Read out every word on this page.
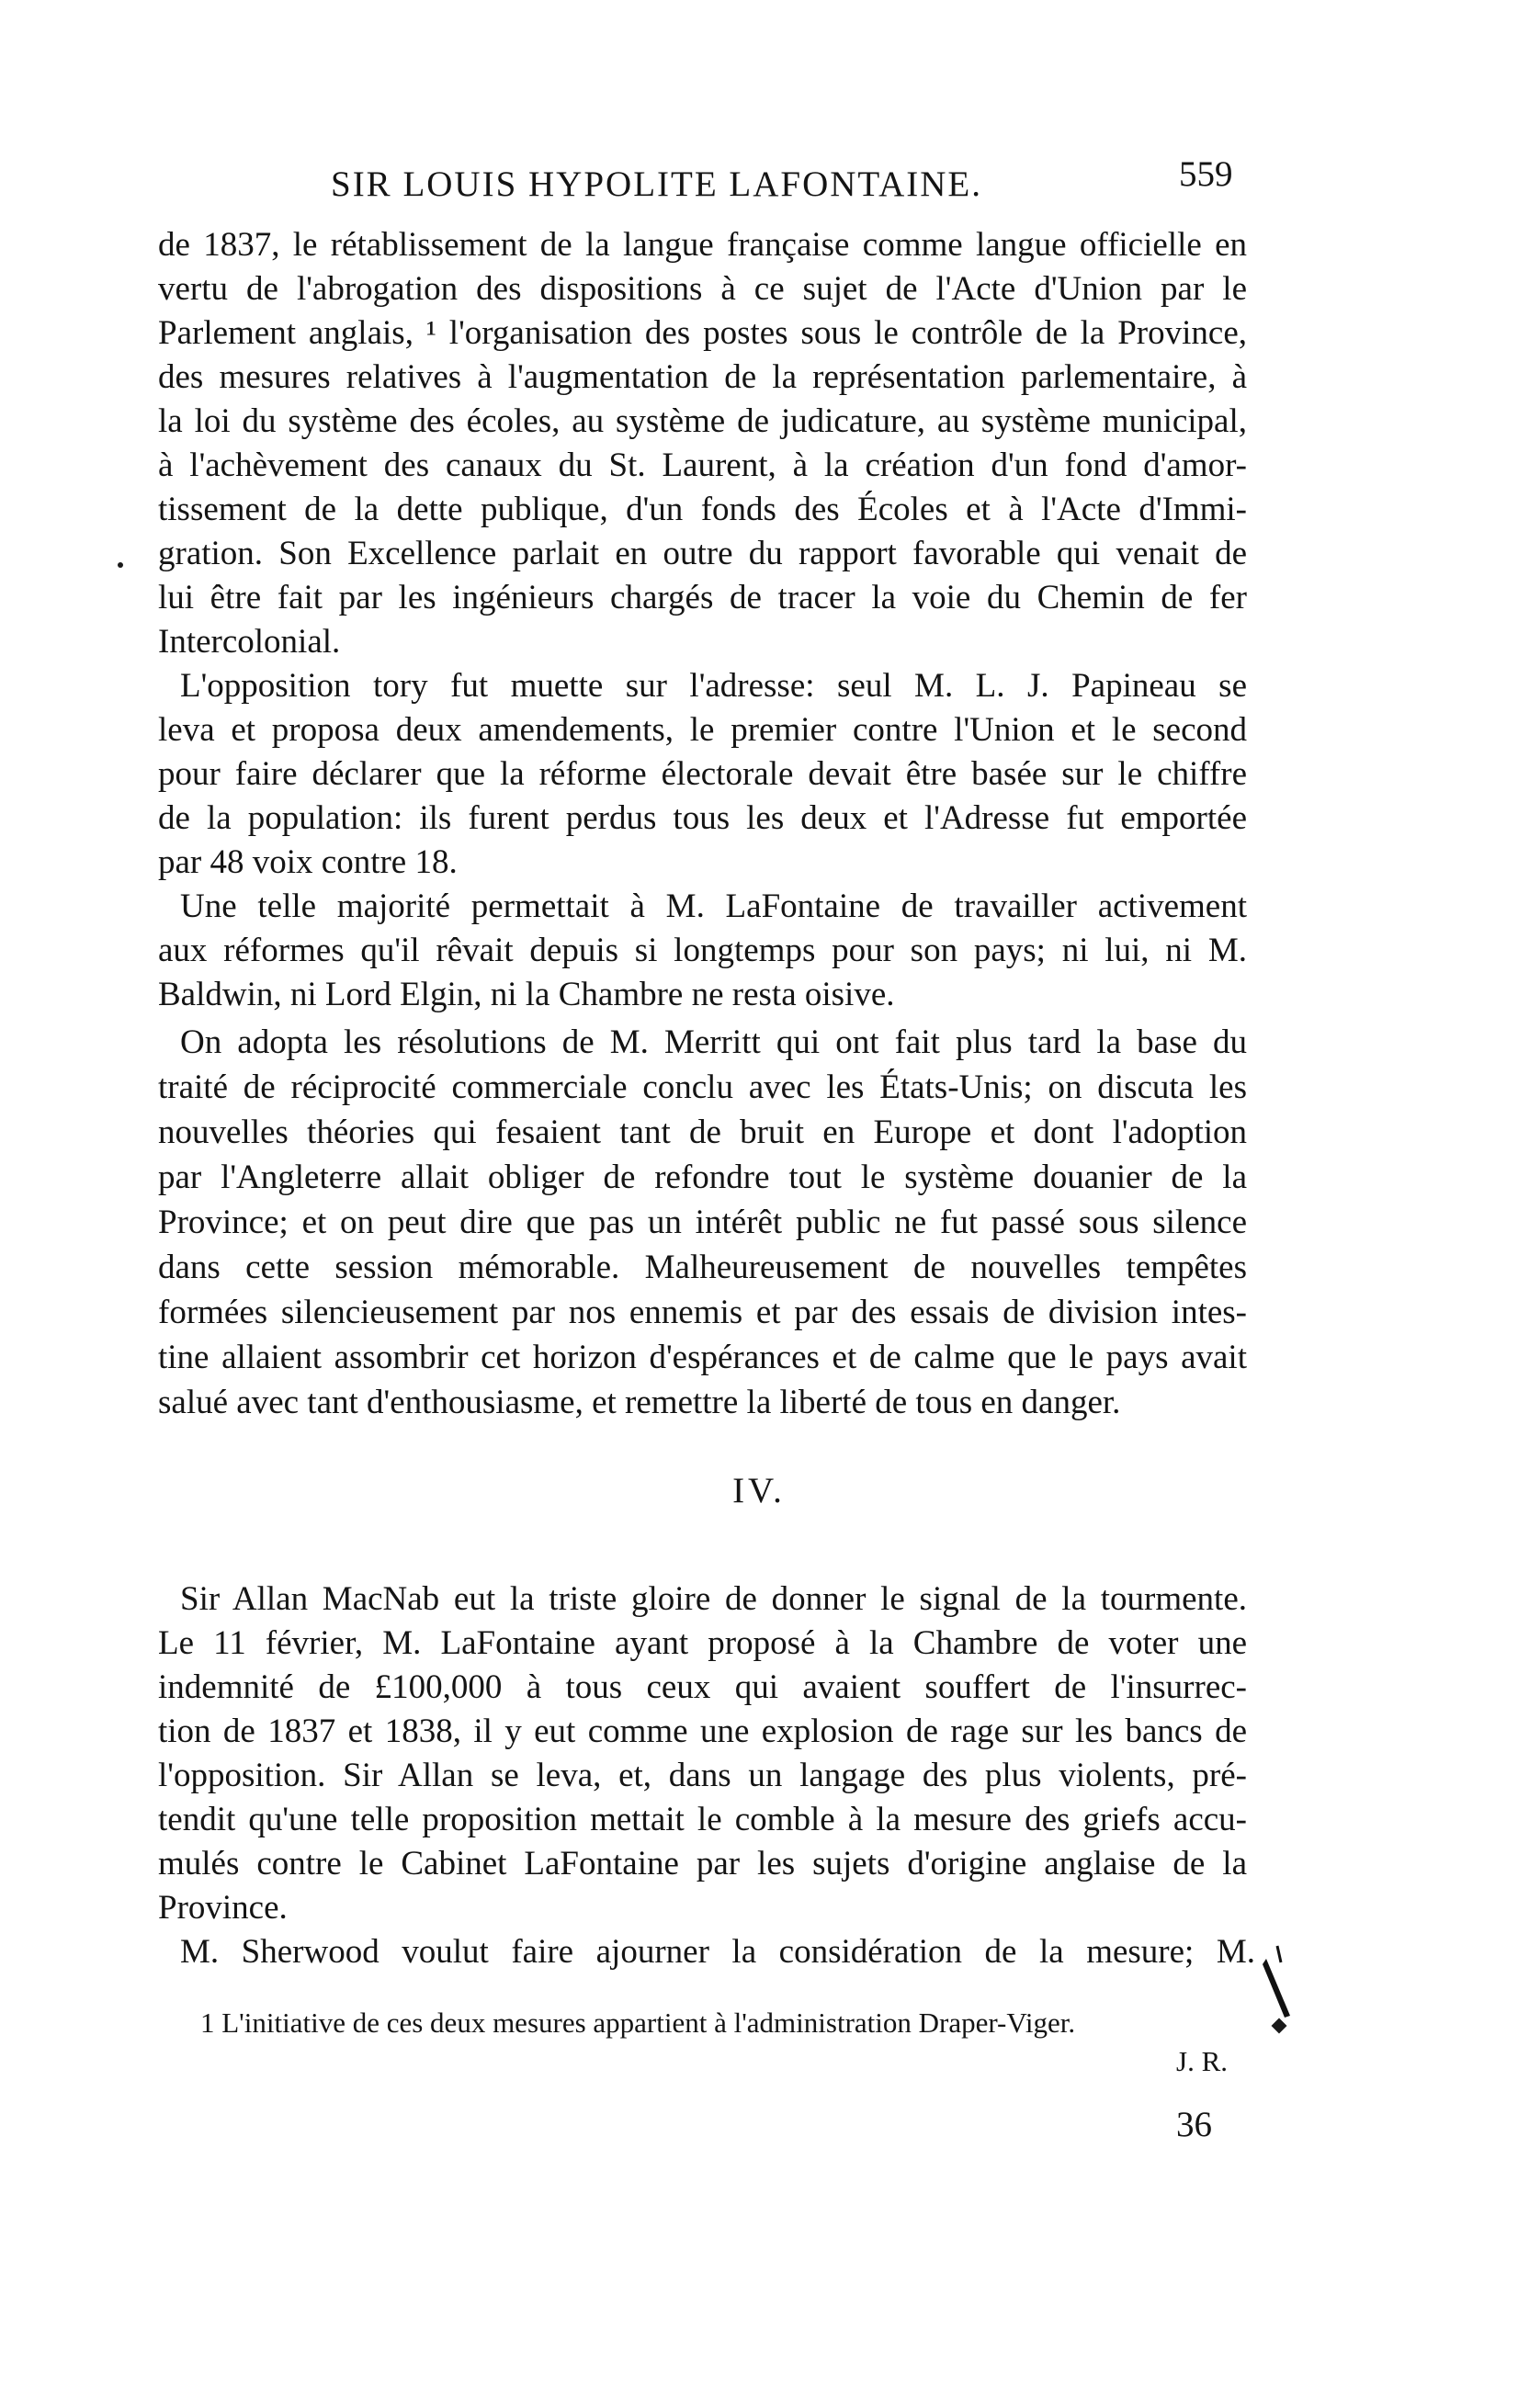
SIR LOUIS HYPOLITE LAFONTAINE.	559
de 1837, le rétablissement de la langue française comme langue officielle en
vertu de l'abrogation des dispositions à ce sujet de l'Acte d'Union par le
Parlement anglais, ¹ l'organisation des postes sous le contrôle de la Province,
des mesures relatives à l'augmentation de la représentation parlementaire, à
la loi du système des écoles, au système de judicature, au système municipal,
à l'achèvement des canaux du St. Laurent, à la création d'un fond d'amor-
tissement de la dette publique, d'un fonds des Écoles et à l'Acte d'Immi-
gration. Son Excellence parlait en outre du rapport favorable qui venait de
lui être fait par les ingénieurs chargés de tracer la voie du Chemin de fer
Intercolonial.
L'opposition tory fut muette sur l'adresse: seul M. L. J. Papineau se
leva et proposa deux amendements, le premier contre l'Union et le second
pour faire déclarer que la réforme électorale devait être basée sur le chiffre
de la population: ils furent perdus tous les deux et l'Adresse fut emportée
par 48 voix contre 18.
Une telle majorité permettait à M. LaFontaine de travailler activement
aux réformes qu'il rêvait depuis si longtemps pour son pays; ni lui, ni M.
Baldwin, ni Lord Elgin, ni la Chambre ne resta oisive.
On adopta les résolutions de M. Merritt qui ont fait plus tard la base du
traité de réciprocité commerciale conclu avec les États-Unis; on discuta les
nouvelles théories qui fesaient tant de bruit en Europe et dont l'adoption
par l'Angleterre allait obliger de refondre tout le système douanier de la
Province; et on peut dire que pas un intérêt public ne fut passé sous silence
dans cette session mémorable. Malheureusement de nouvelles tempêtes
formées silencieusement par nos ennemis et par des essais de division intes-
tine allaient assombrir cet horizon d'espérances et de calme que le pays avait
salué avec tant d'enthousiasme, et remettre la liberté de tous en danger.
IV.
Sir Allan MacNab eut la triste gloire de donner le signal de la tourmente.
Le 11 février, M. LaFontaine ayant proposé à la Chambre de voter une
indemnité de £100,000 à tous ceux qui avaient souffert de l'insurrec-
tion de 1837 et 1838, il y eut comme une explosion de rage sur les bancs de
l'opposition. Sir Allan se leva, et, dans un langage des plus violents, pré-
tendit qu'une telle proposition mettait le comble à la mesure des griefs accu-
mulés contre le Cabinet LaFontaine par les sujets d'origine anglaise de la
Province.
M. Sherwood voulut faire ajourner la considération de la mesure; M.
1 L'initiative de ces deux mesures appartient à l'administration Draper-Viger.
J. R.
36
